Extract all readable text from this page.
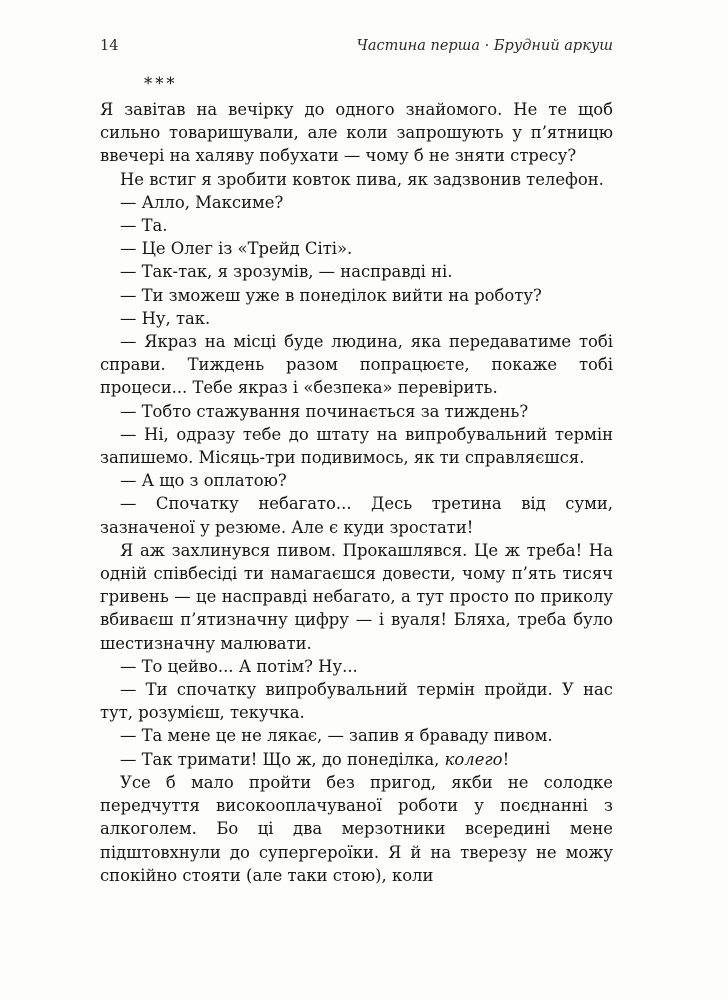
14	Частина перша · Брудний аркуш

***

Я завітав на вечірку до одного знайомого. Не те щоб сильно товаришували, але коли запрошують у п’ятницю ввечері на халяву побухати — чому б не зняти стресу?

Не встиг я зробити ковток пива, як задзвонив телефон.

— Алло, Максиме?

— Та.

— Це Олег із «Трейд Сіті».

— Так-так, я зрозумів, — насправді ні.

— Ти зможеш уже в понеділок вийти на роботу?

— Ну, так.

— Якраз на місці буде людина, яка передаватиме тобі справи. Тиждень разом попрацюєте, покаже тобі процеси... Тебе якраз і «безпека» перевірить.

— Тобто стажування починається за тиждень?

— Ні, одразу тебе до штату на випробувальний термін запишемо. Місяць-три подивимось, як ти справляєшся.

— А що з оплатою?

— Спочатку небагато... Десь третина від суми, зазначеної у резюме. Але є куди зростати!

Я аж захлинувся пивом. Прокашлявся. Це ж треба! На одній співбесіді ти намагаєшся довести, чому п’ять тисяч гривень — це насправді небагато, а тут просто по приколу вбиваєш п’ятизначну цифру — і вуаля! Бляха, треба було шестизначну малювати.

— То цейво... А потім? Ну...

— Ти спочатку випробувальний термін пройди. У нас тут, розумієш, текучка.

— Та мене це не лякає, — запив я браваду пивом.

— Так тримати! Що ж, до понеділка, колего!

Усе б мало пройти без пригод, якби не солодке передчуття високооплачуваної роботи у поєднанні з алкоголем. Бо ці два мерзотники всередині мене підштовхнули до супергероїки. Я й на тверезу не можу спокійно стояти (але таки стою), коли
